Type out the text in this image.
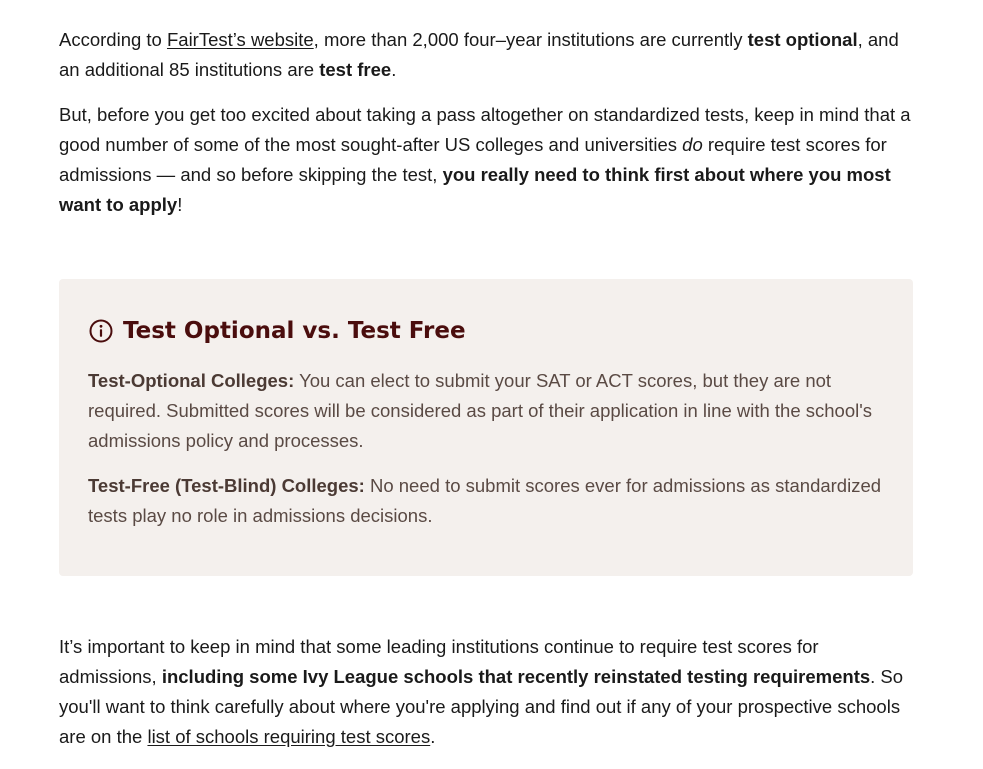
According to FairTest’s website, more than 2,000 four–year institutions are currently test optional, and an additional 85 institutions are test free.

But, before you get too excited about taking a pass altogether on standardized tests, keep in mind that a good number of some of the most sought-after US colleges and universities do require test scores for admissions — and so before skipping the test, you really need to think first about where you most want to apply!

Test Optional vs. Test Free

Test-Optional Colleges: You can elect to submit your SAT or ACT scores, but they are not required. Submitted scores will be considered as part of their application in line with the school's admissions policy and processes.

Test-Free (Test-Blind) Colleges: No need to submit scores ever for admissions as standardized tests play no role in admissions decisions.

It’s important to keep in mind that some leading institutions continue to require test scores for admissions, including some Ivy League schools that recently reinstated testing requirements. So you'll want to think carefully about where you're applying and find out if any of your prospective schools are on the list of schools requiring test scores.
